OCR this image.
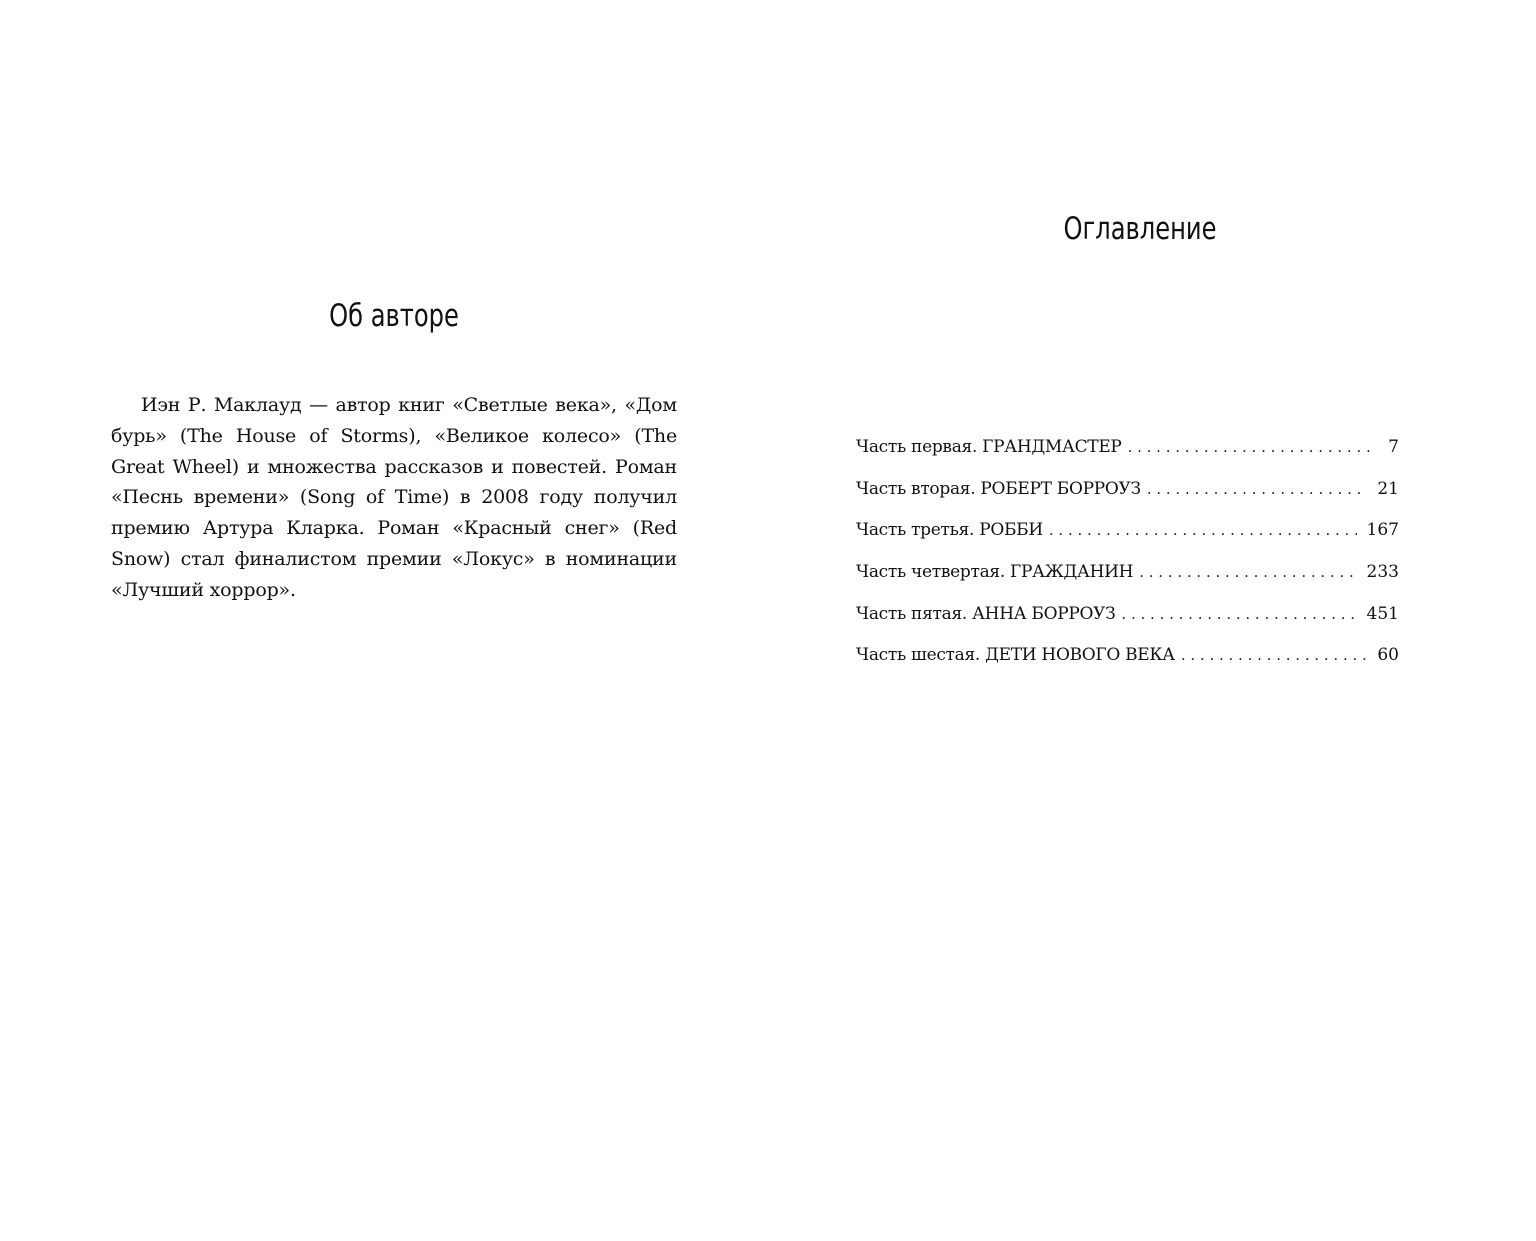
Об авторе

Иэн Р. Маклауд — автор книг «Светлые века», «Дом бурь» (The House of Storms), «Великое колесо» (The Great Wheel) и множества рассказов и повестей. Роман «Песнь времени» (Song of Time) в 2008 году получил премию Артура Кларка. Роман «Красный снег» (Red Snow) стал финалистом премии «Локус» в номинации «Лучший хоррор».

Оглавление
Часть первая. ГРАНДМАСТЕР . . .	7
Часть вторая. РОБЕРТ БОРРОУЗ . . .	21
Часть третья. РОББИ . . .	167
Часть четвертая. ГРАЖДАНИН . . .	233
Часть пятая. АННА БОРРОУЗ . . .	451
Часть шестая. ДЕТИ НОВОГО ВЕКА . . .	60
